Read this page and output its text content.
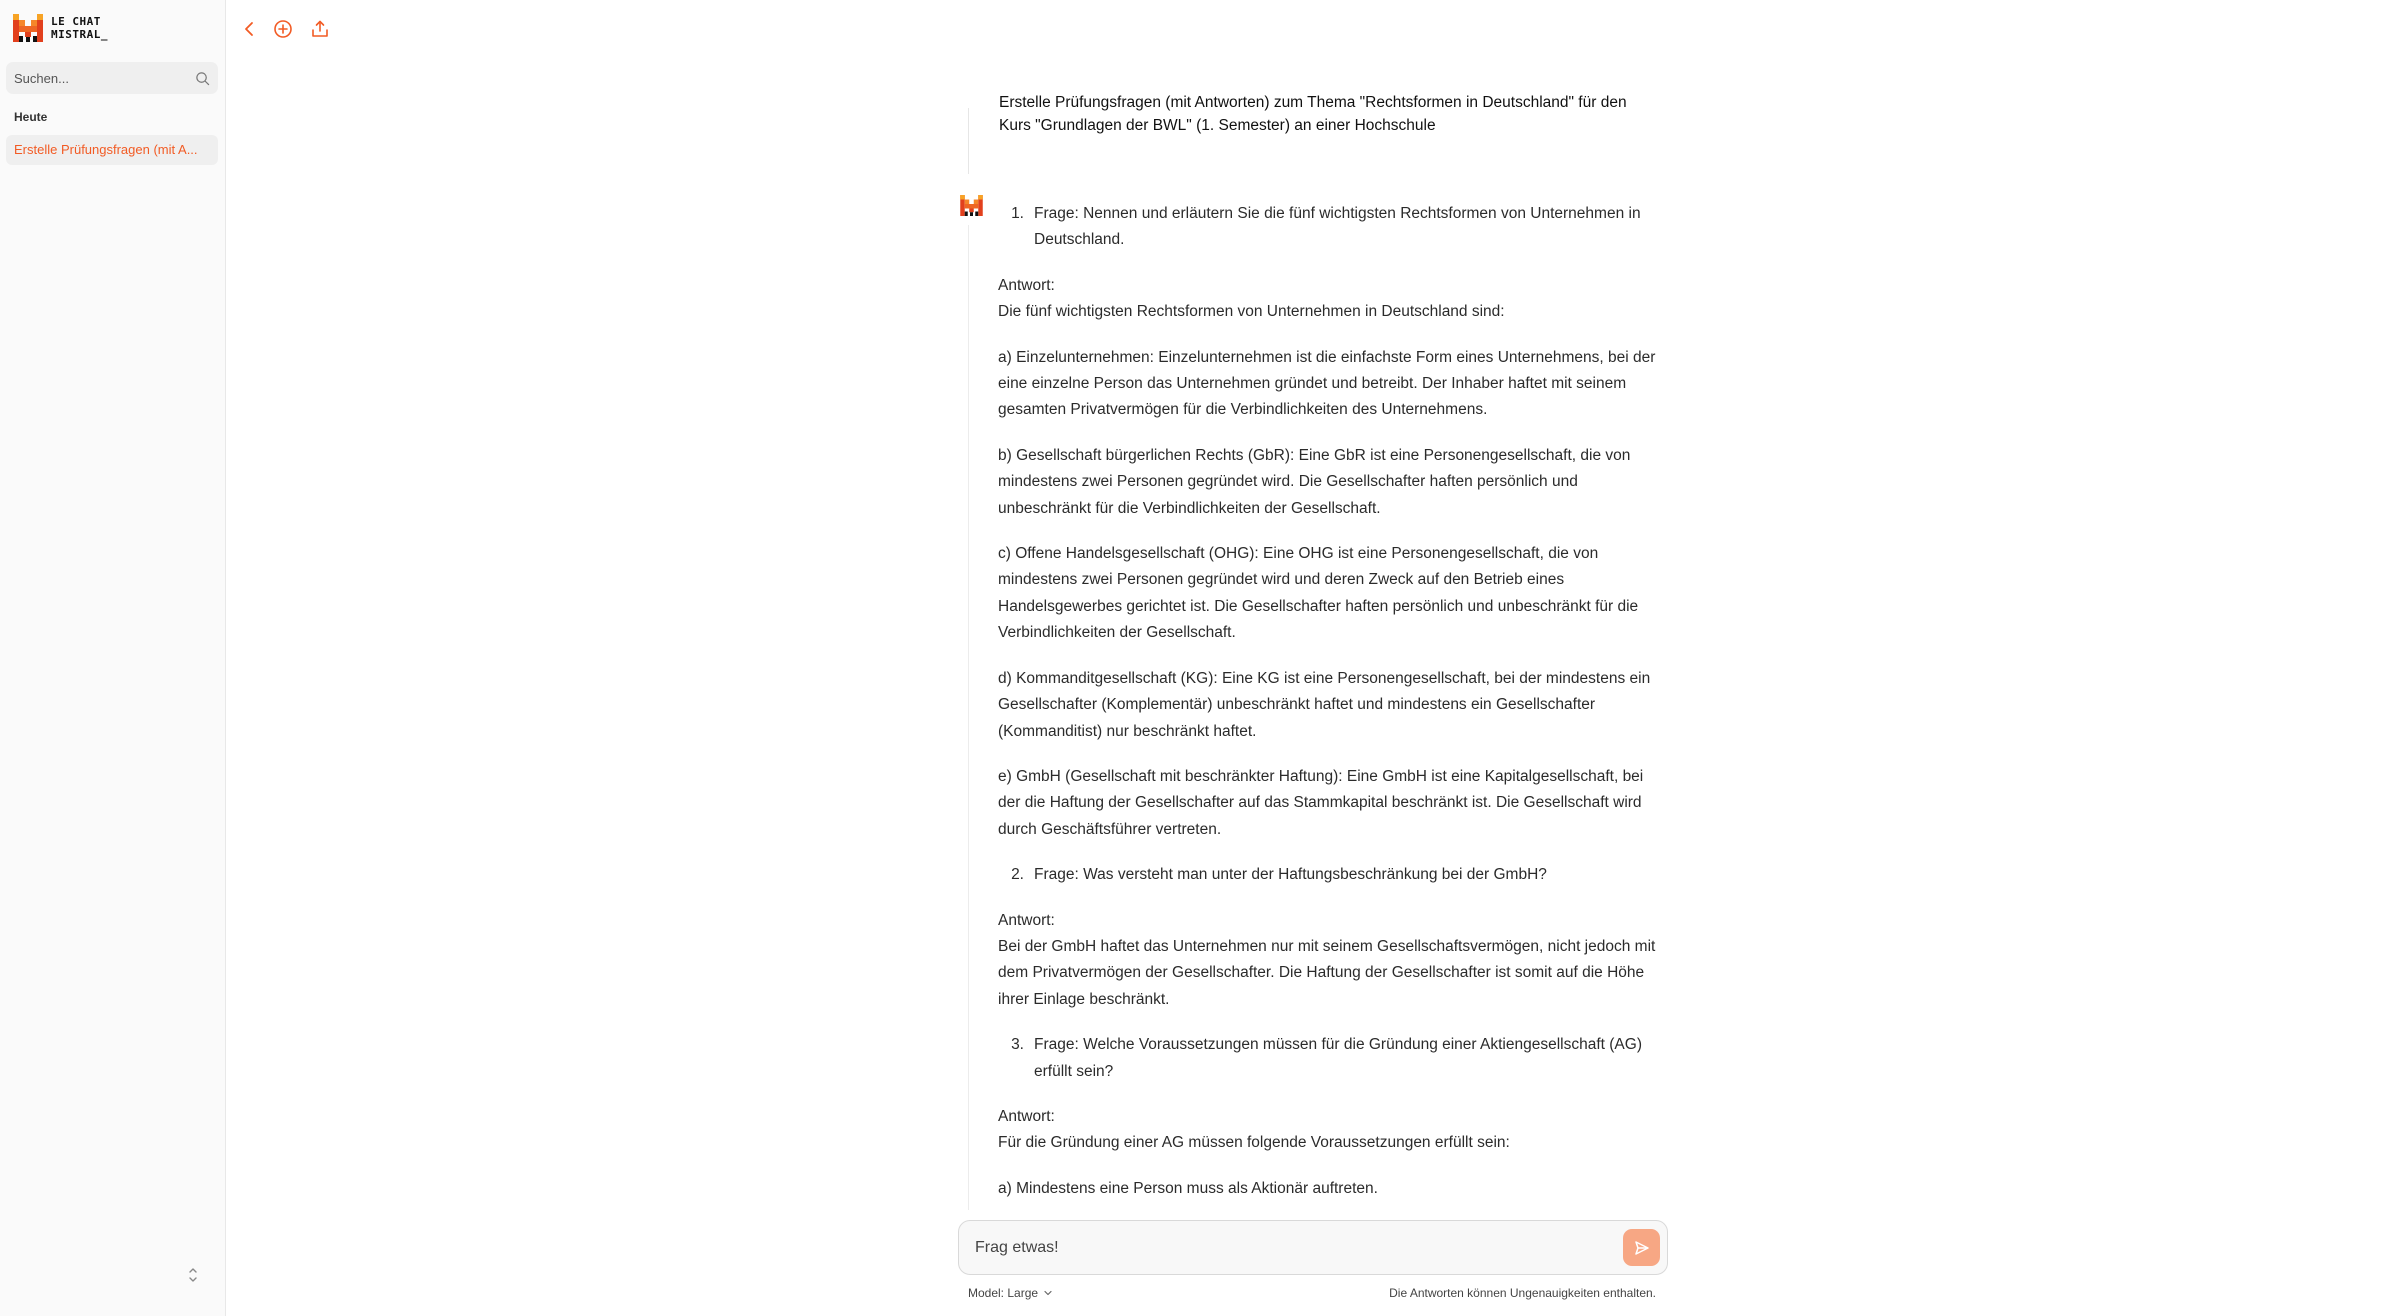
LE CHAT
MISTRAL_
Suchen...
Heute
Erstelle Prüfungsfragen (mit A...
Erstelle Prüfungsfragen (mit Antworten) zum Thema "Rechtsformen in Deutschland" für den Kurs "Grundlagen der BWL" (1. Semester) an einer Hochschule
1. Frage: Nennen und erläutern Sie die fünf wichtigsten Rechtsformen von Unternehmen in Deutschland.

Antwort:
Die fünf wichtigsten Rechtsformen von Unternehmen in Deutschland sind:

a) Einzelunternehmen: Einzelunternehmen ist die einfachste Form eines Unternehmens, bei der eine einzelne Person das Unternehmen gründet und betreibt. Der Inhaber haftet mit seinem gesamten Privatvermögen für die Verbindlichkeiten des Unternehmens.

b) Gesellschaft bürgerlichen Rechts (GbR): Eine GbR ist eine Personengesellschaft, die von mindestens zwei Personen gegründet wird. Die Gesellschafter haften persönlich und unbeschränkt für die Verbindlichkeiten der Gesellschaft.

c) Offene Handelsgesellschaft (OHG): Eine OHG ist eine Personengesellschaft, die von mindestens zwei Personen gegründet wird und deren Zweck auf den Betrieb eines Handelsgewerbes gerichtet ist. Die Gesellschafter haften persönlich und unbeschränkt für die Verbindlichkeiten der Gesellschaft.

d) Kommanditgesellschaft (KG): Eine KG ist eine Personengesellschaft, bei der mindestens ein Gesellschafter (Komplementär) unbeschränkt haftet und mindestens ein Gesellschafter (Kommanditist) nur beschränkt haftet.

e) GmbH (Gesellschaft mit beschränkter Haftung): Eine GmbH ist eine Kapitalgesellschaft, bei der die Haftung der Gesellschafter auf das Stammkapital beschränkt ist. Die Gesellschaft wird durch Geschäftsführer vertreten.

2. Frage: Was versteht man unter der Haftungsbeschränkung bei der GmbH?

Antwort:
Bei der GmbH haftet das Unternehmen nur mit seinem Gesellschaftsvermögen, nicht jedoch mit dem Privatvermögen der Gesellschafter. Die Haftung der Gesellschafter ist somit auf die Höhe ihrer Einlage beschränkt.

3. Frage: Welche Voraussetzungen müssen für die Gründung einer Aktiengesellschaft (AG) erfüllt sein?

Antwort:
Für die Gründung einer AG müssen folgende Voraussetzungen erfüllt sein:

a) Mindestens eine Person muss als Aktionär auftreten.

Frag etwas!
Model: Large	Die Antworten können Ungenauigkeiten enthalten.
